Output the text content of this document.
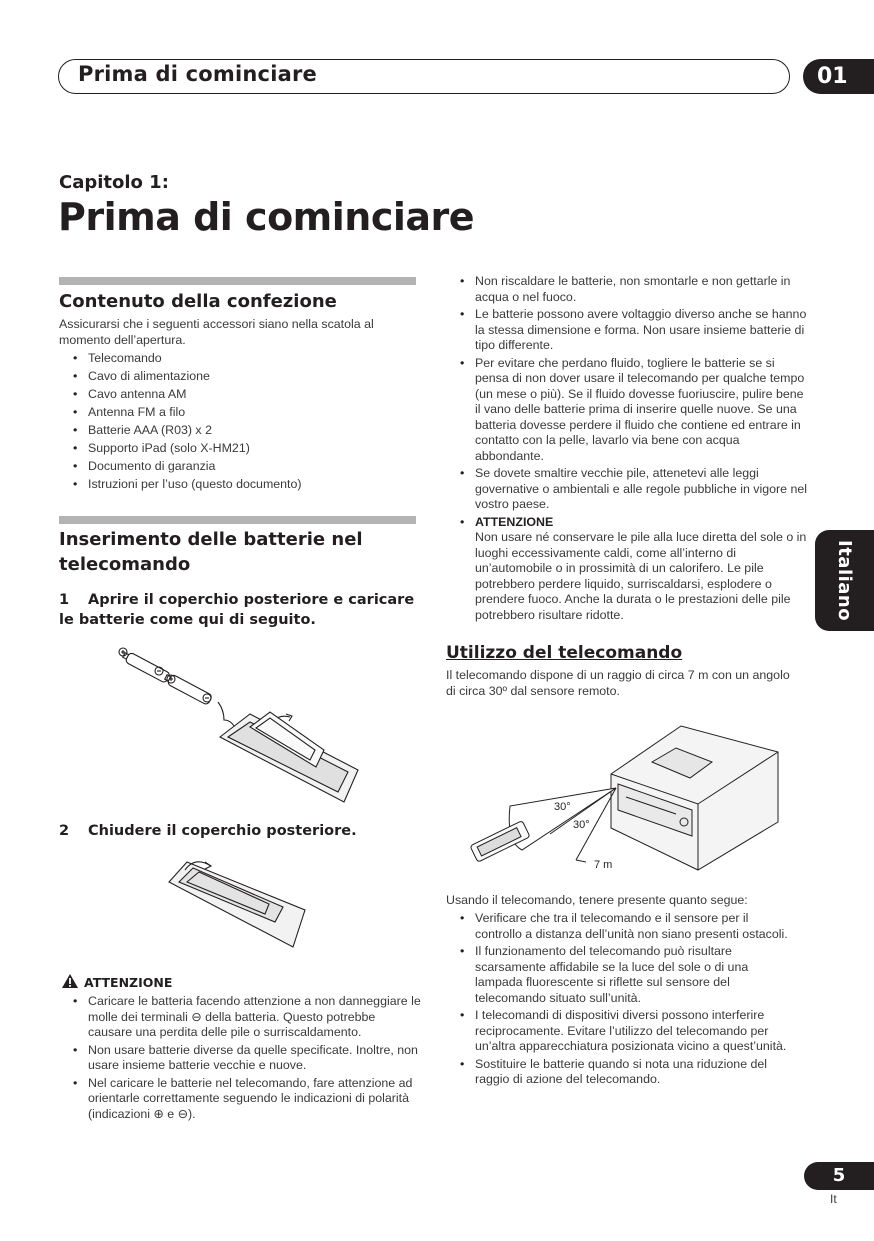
Prima di cominciare	01
Capitolo 1:
Prima di cominciare
Contenuto della confezione
Assicurarsi che i seguenti accessori siano nella scatola al momento dell’apertura.
• Telecomando
• Cavo di alimentazione
• Cavo antenna AM
• Antenna FM a filo
• Batterie AAA (R03) x 2
• Supporto iPad (solo X-HM21)
• Documento di garanzia
• Istruzioni per l’uso (questo documento)
Inserimento delle batterie nel telecomando
1	Aprire il coperchio posteriore e caricare le batterie come qui di seguito.
2 Chiudere il coperchio posteriore.
ATTENZIONE
• Caricare le batteria facendo attenzione a non danneggiare le molle dei terminali ⊖ della batteria. Questo potrebbe causare una perdita delle pile o surriscaldamento.
• Non usare batterie diverse da quelle specificate. Inoltre, non usare insieme batterie vecchie e nuove.
• Nel caricare le batterie nel telecomando, fare attenzione ad orientarle correttamente seguendo le indicazioni di polarità (indicazioni ⊕ e ⊖).
• Non riscaldare le batterie, non smontarle e non gettarle in acqua o nel fuoco.
• Le batterie possono avere voltaggio diverso anche se hanno la stessa dimensione e forma. Non usare insieme batterie di tipo differente.
• Per evitare che perdano fluido, togliere le batterie se si pensa di non dover usare il telecomando per qualche tempo (un mese o più). Se il fluido dovesse fuoriuscire, pulire bene il vano delle batterie prima di inserire quelle nuove. Se una batteria dovesse perdere il fluido che contiene ed entrare in contatto con la pelle, lavarlo via bene con acqua abbondante.
• Se dovete smaltire vecchie pile, attenetevi alle leggi governative o ambientali e alle regole pubbliche in vigore nel vostro paese.
• ATTENZIONE
Non usare né conservare le pile alla luce diretta del sole o in luoghi eccessivamente caldi, come all’interno di un’automobile o in prossimità di un calorifero. Le pile potrebbero perdere liquido, surriscaldarsi, esplodere o prendere fuoco. Anche la durata o le prestazioni delle pile potrebbero risultare ridotte.
Utilizzo del telecomando
Il telecomando dispone di un raggio di circa 7 m con un angolo di circa 30º dal sensore remoto.
30°
30°
7 m
Usando il telecomando, tenere presente quanto segue:
• Verificare che tra il telecomando e il sensore per il controllo a distanza dell’unità non siano presenti ostacoli.
• Il funzionamento del telecomando può risultare scarsamente affidabile se la luce del sole o di una lampada fluorescente si riflette sul sensore del telecomando situato sull’unità.
• I telecomandi di dispositivi diversi possono interferire reciprocamente. Evitare l’utilizzo del telecomando per un’altra apparecchiatura posizionata vicino a quest’unità.
• Sostituire le batterie quando si nota una riduzione del raggio di azione del telecomando.
Italiano
5
It
